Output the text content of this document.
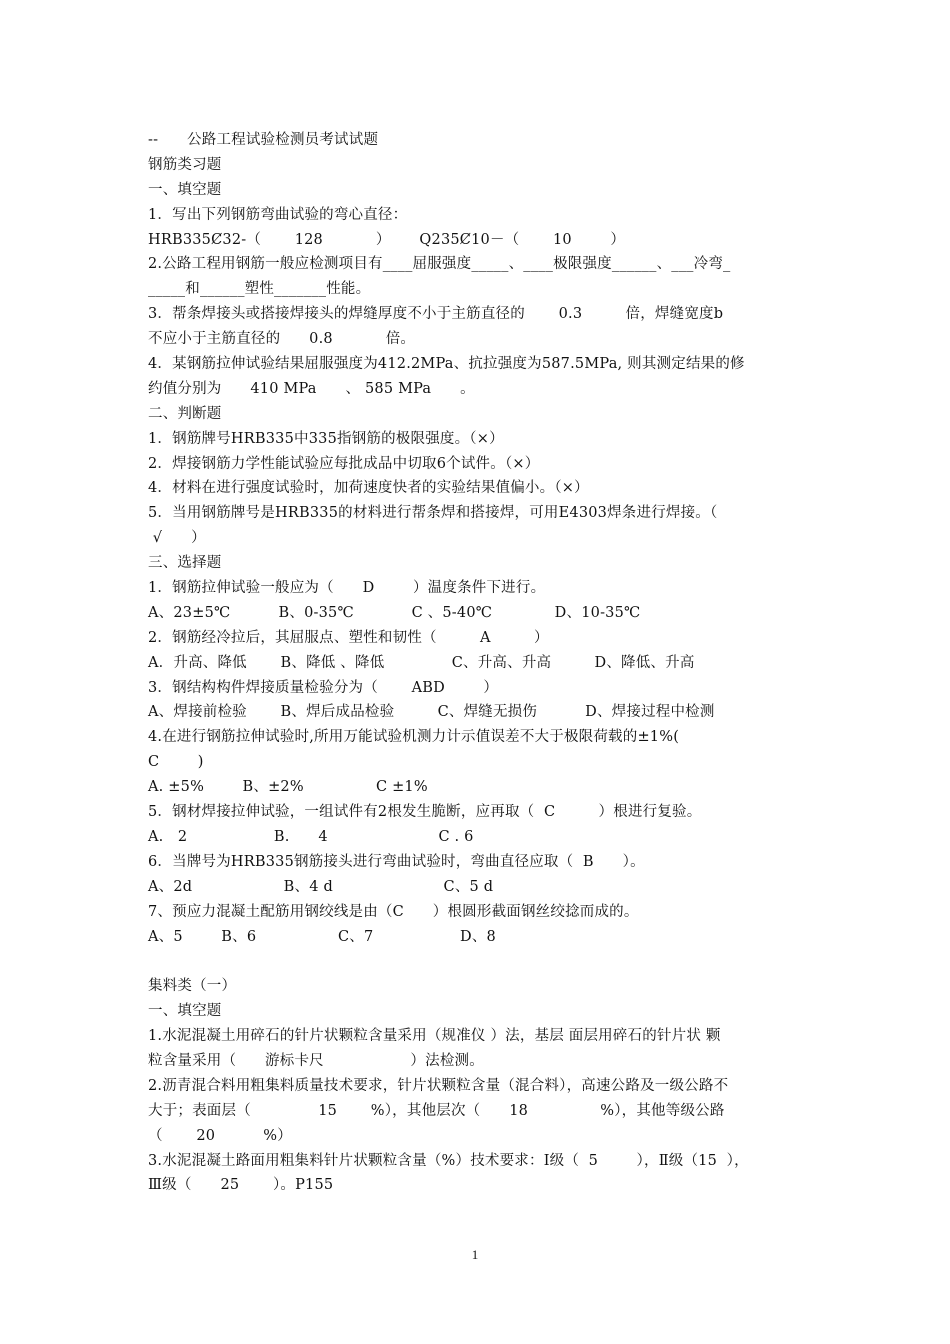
--      公路工程试验检测员考试试题
钢筋类习题
一、填空题
1．写出下列钢筋弯曲试验的弯心直径：
HRB335Ȼ32-（       128           ）      Q235Ȼ10－（       10        ）
2.公路工程用钢筋一般应检测项目有____屈服强度_____、____极限强度______、___冷弯_
_____和______塑性_______性能。
3．帮条焊接头或搭接焊接头的焊缝厚度不小于主筋直径的       0.3         倍，焊缝宽度b
不应小于主筋直径的      0.8           倍。
4．某钢筋拉伸试验结果屈服强度为412.2MPa、抗拉强度为587.5MPa, 则其测定结果的修
约值分别为      410 MPa      、 585 MPa      。
二、判断题
1．钢筋牌号HRB335中335指钢筋的极限强度。（×）
2．焊接钢筋力学性能试验应每批成品中切取6个试件。（×）
4．材料在进行强度试验时，加荷速度快者的实验结果值偏小。（×）
5．当用钢筋牌号是HRB335的材料进行帮条焊和搭接焊，可用E4303焊条进行焊接。（
√      ）
三、选择题
1．钢筋拉伸试验一般应为（      D        ）温度条件下进行。
A、23±5℃          B、0-35℃            C 、5-40℃             D、10-35℃
2．钢筋经冷拉后，其屈服点、塑性和韧性（         A         ）
A．升高、降低       B、降低 、降低              C、升高、升高         D、降低、升高
3．钢结构构件焊接质量检验分为（       ABD        ）
A、焊接前检验       B、焊后成品检验         C、焊缝无损伤          D、焊接过程中检测
4.在进行钢筋拉伸试验时,所用万能试验机测力计示值误差不大于极限荷载的±1%(
C        )
A. ±5%        B、±2%               C ±1%
5．钢材焊接拉伸试验，一组试件有2根发生脆断，应再取（  C         ）根进行复验。
A.   2                  B.      4                       C . 6
6．当牌号为HRB335钢筋接头进行弯曲试验时，弯曲直径应取（  B      ）。
A、2d                   B、4 d                       C、5 d
7、预应力混凝土配筋用钢绞线是由（C      ）根圆形截面钢丝绞捻而成的。
A、5        B、6                 C、7                  D、8
集料类（一）
一、填空题
1.水泥混凝土用碎石的针片状颗粒含量采用（规准仪 ）法，基层 面层用碎石的针片状 颗
粒含量采用（      游标卡尺                  ）法检测。
2.沥青混合料用粗集料质量技术要求，针片状颗粒含量（混合料），高速公路及一级公路不
大于；表面层（              15       %），其他层次（      18               %），其他等级公路
（       20          %）
3.水泥混凝土路面用粗集料针片状颗粒含量（%）技术要求：Ⅰ级（  5        ），Ⅱ级（15  ），
Ⅲ级（      25       ）。P155
1
